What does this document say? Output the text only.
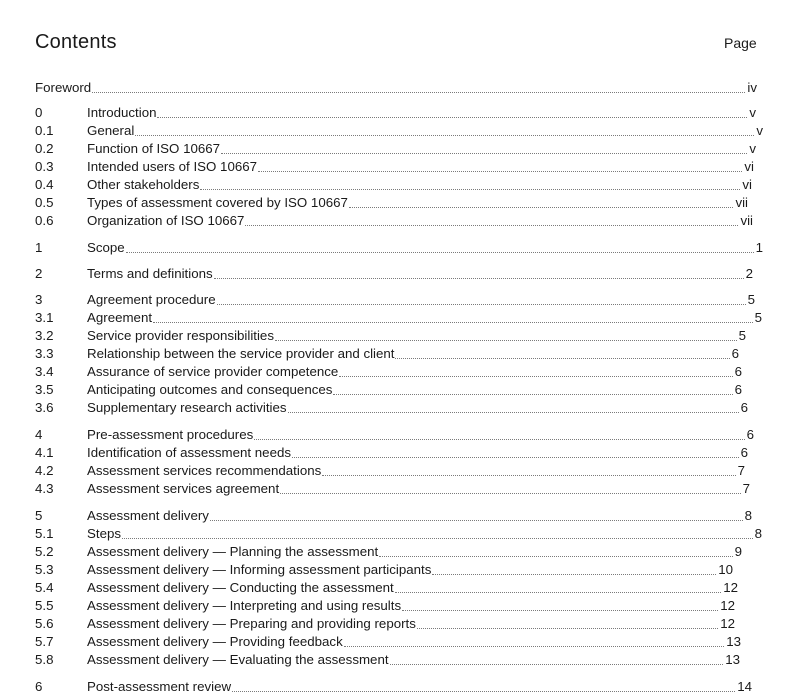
Contents	Page
Foreword	iv
0	Introduction	v
0.1	General	v
0.2	Function of ISO 10667	v
0.3	Intended users of ISO 10667	vi
0.4	Other stakeholders	vi
0.5	Types of assessment covered by ISO 10667	vii
0.6	Organization of ISO 10667	vii
1	Scope	1
2	Terms and definitions	2
3	Agreement procedure	5
3.1	Agreement	5
3.2	Service provider responsibilities	5
3.3	Relationship between the service provider and client	6
3.4	Assurance of service provider competence	6
3.5	Anticipating outcomes and consequences	6
3.6	Supplementary research activities	6
4	Pre-assessment procedures	6
4.1	Identification of assessment needs	6
4.2	Assessment services recommendations	7
4.3	Assessment services agreement	7
5	Assessment delivery	8
5.1	Steps	8
5.2	Assessment delivery — Planning the assessment	9
5.3	Assessment delivery — Informing assessment participants	10
5.4	Assessment delivery — Conducting the assessment	12
5.5	Assessment delivery — Interpreting and using results	12
5.6	Assessment delivery — Preparing and providing reports	12
5.7	Assessment delivery — Providing feedback	13
5.8	Assessment delivery — Evaluating the assessment	13
6	Post-assessment review	14
